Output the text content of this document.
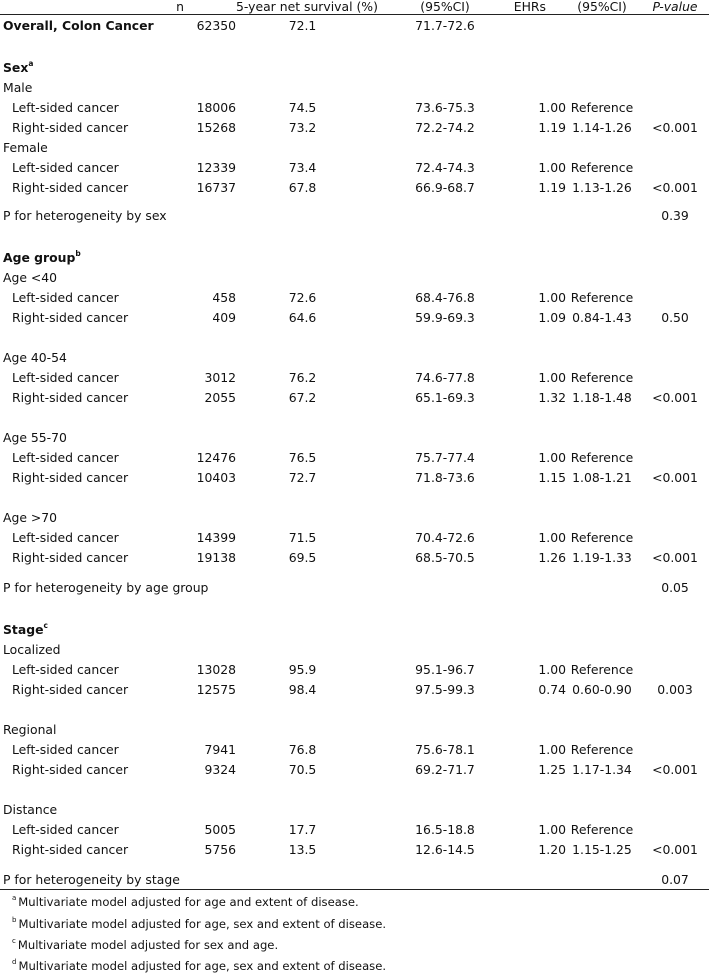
n	5-year net survival (%)	(95%CI)	EHRs	(95%CI)	P-value
Overall, Colon Cancer	62350	72.1	71.7-72.6
Sex$^a$
Male
Left-sided cancer	18006	74.5	73.6-75.3	1.00 Reference
Right-sided cancer	15268	73.2	72.2-74.2	1.19 1.14-1.26	<0.001
Female
Left-sided cancer	12339	73.4	72.4-74.3	1.00 Reference
Right-sided cancer	16737	67.8	66.9-68.7	1.19 1.13-1.26	<0.001
P for heterogeneity by sex	0.39
Age group$^b$
Age <40
Left-sided cancer	458	72.6	68.4-76.8	1.00 Reference
Right-sided cancer	409	64.6	59.9-69.3	1.09 0.84-1.43	0.50
Age 40-54
Left-sided cancer	3012	76.2	74.6-77.8	1.00 Reference
Right-sided cancer	2055	67.2	65.1-69.3	1.32 1.18-1.48	<0.001
Age 55-70
Left-sided cancer	12476	76.5	75.7-77.4	1.00 Reference
Right-sided cancer	10403	72.7	71.8-73.6	1.15 1.08-1.21	<0.001
Age >70
Left-sided cancer	14399	71.5	70.4-72.6	1.00 Reference
Right-sided cancer	19138	69.5	68.5-70.5	1.26 1.19-1.33	<0.001
P for heterogeneity by age group	0.05
Stage$^c$
Localized
Left-sided cancer	13028	95.9	95.1-96.7	1.00 Reference
Right-sided cancer	12575	98.4	97.5-99.3	0.74 0.60-0.90	0.003
Regional
Left-sided cancer	7941	76.8	75.6-78.1	1.00 Reference
Right-sided cancer	9324	70.5	69.2-71.7	1.25 1.17-1.34	<0.001
Distance
Left-sided cancer	5005	17.7	16.5-18.8	1.00 Reference
Right-sided cancer	5756	13.5	12.6-14.5	1.20 1.15-1.25	<0.001
P for heterogeneity by stage	0.07
$^a$ Multivariate model adjusted for age and extent of disease.
$^b$ Multivariate model adjusted for age, sex and extent of disease.
$^c$ Multivariate model adjusted for sex and age.
$^d$ Multivariate model adjusted for age, sex and extent of disease.
